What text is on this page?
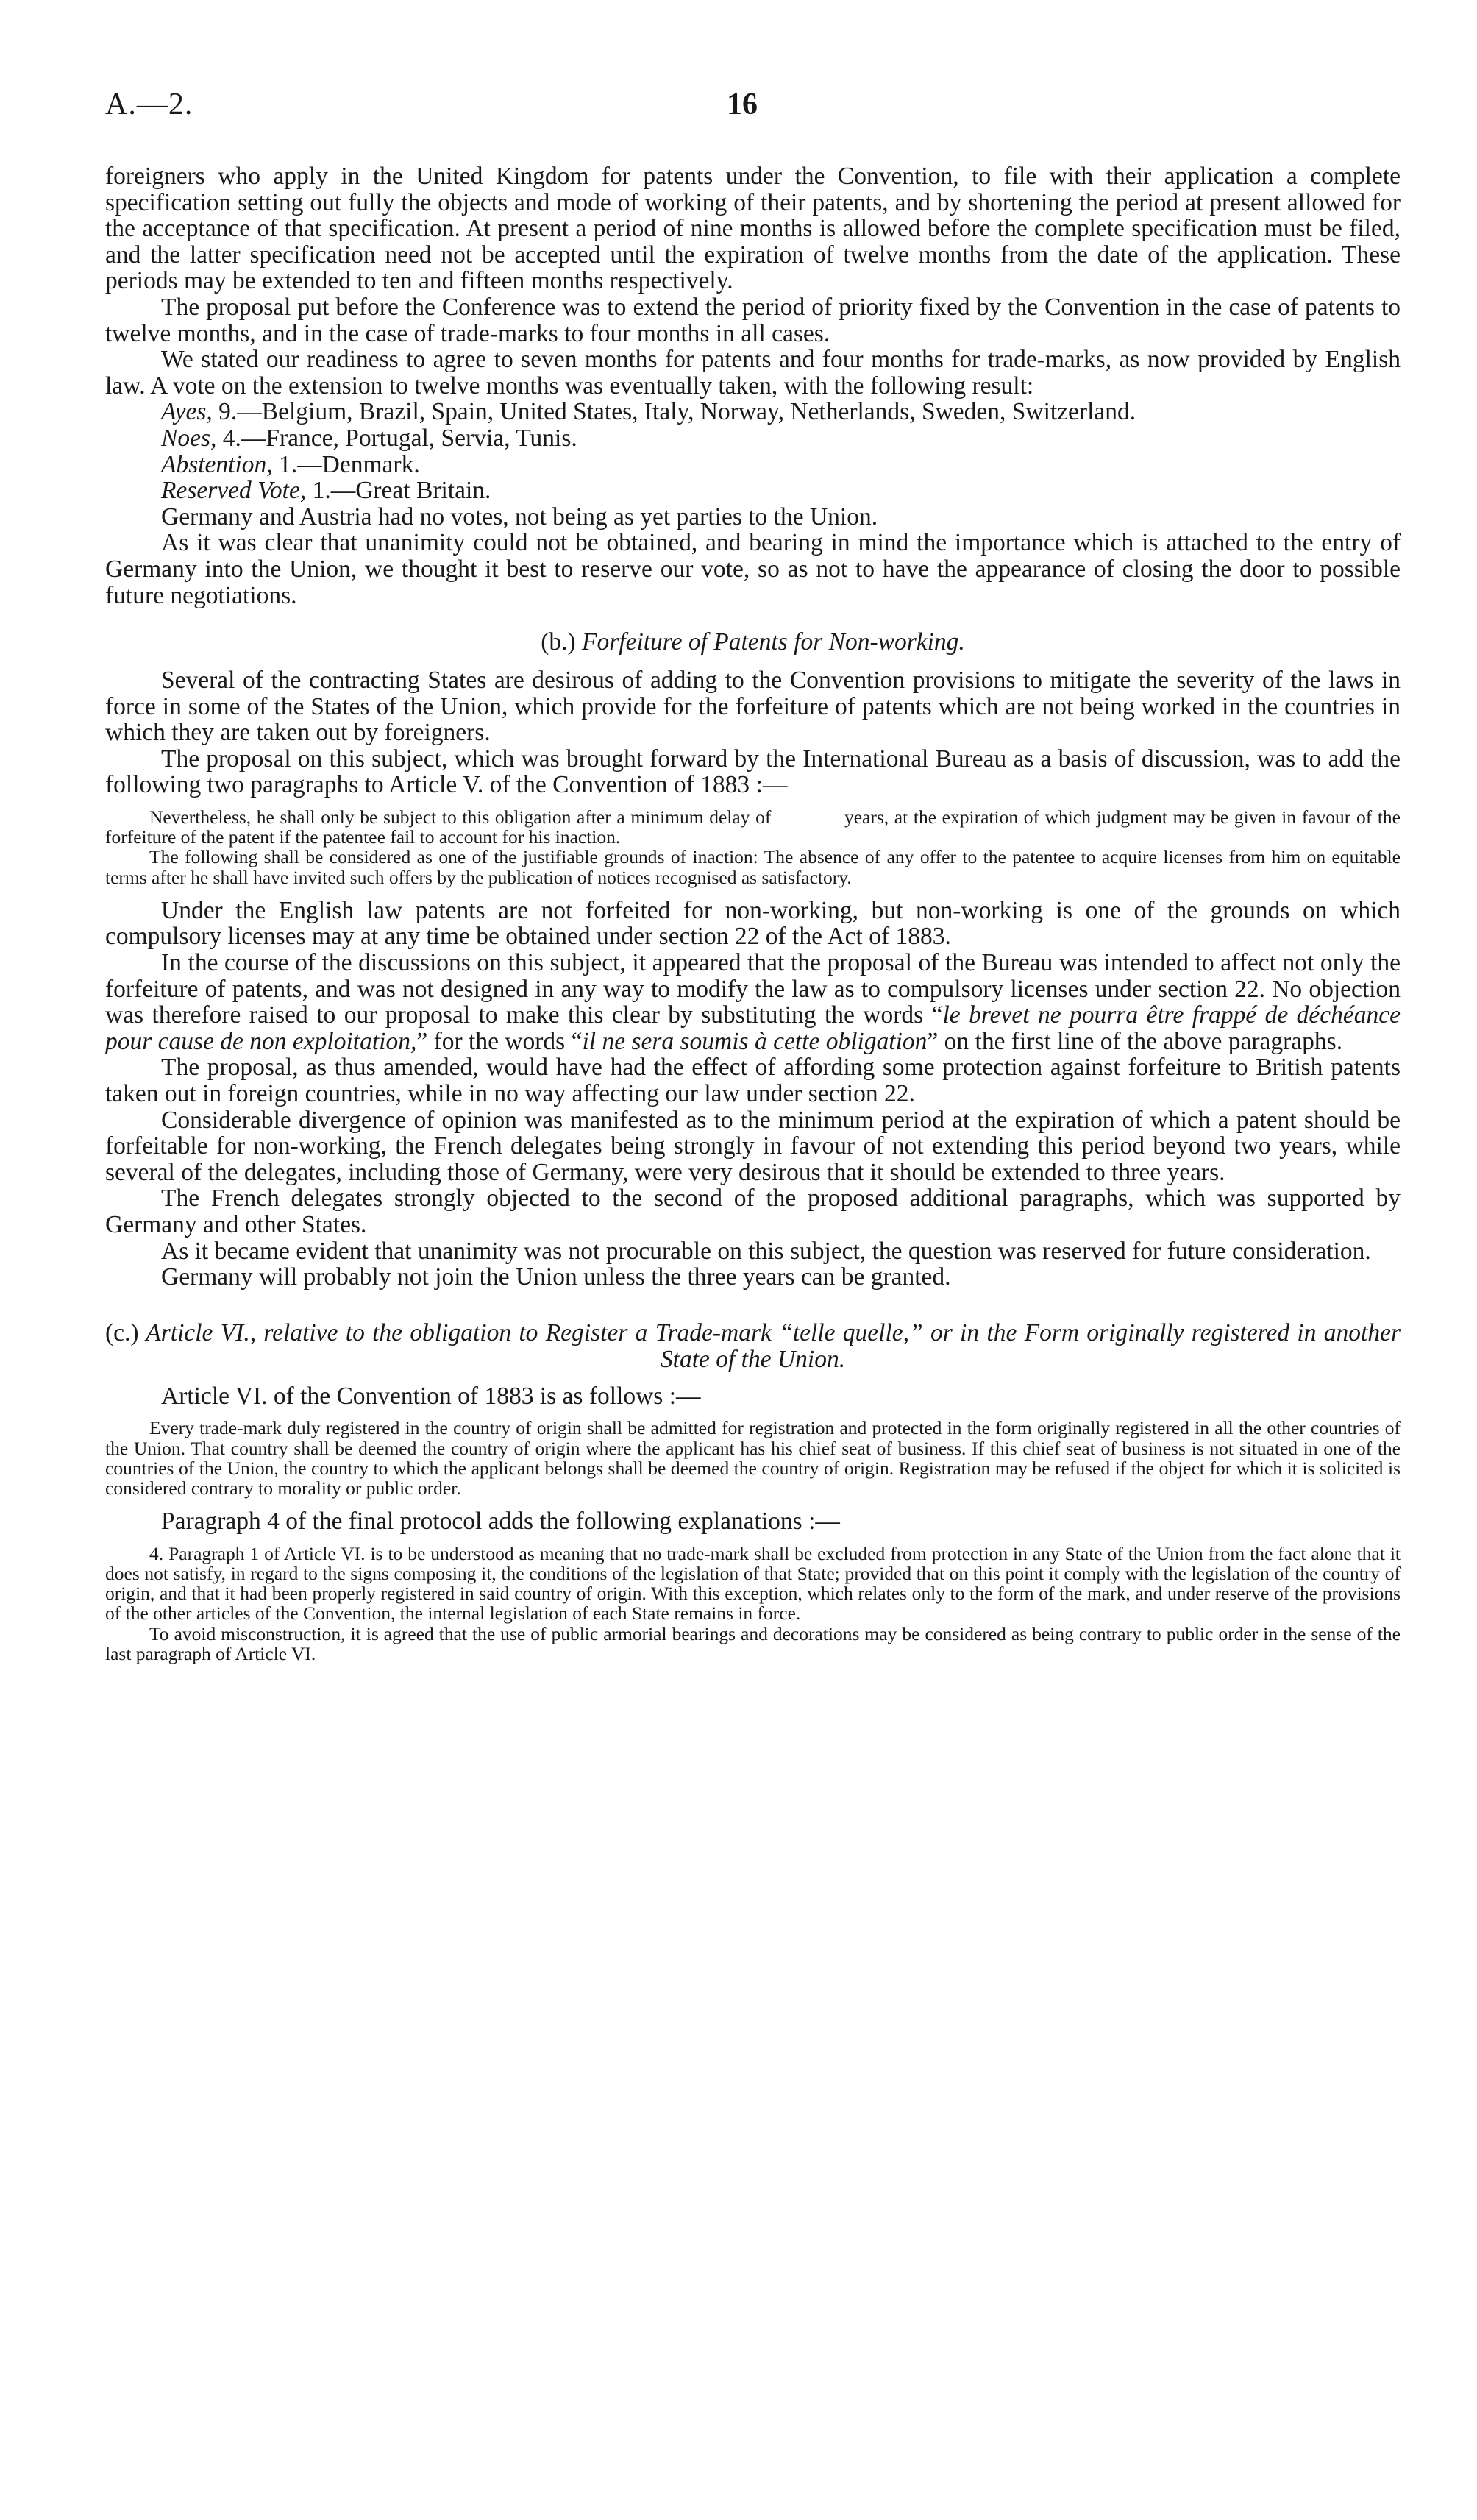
A.—2.	16

foreigners who apply in the United Kingdom for patents under the Convention, to file with their application a complete specification setting out fully the objects and mode of working of their patents, and by shortening the period at present allowed for the acceptance of that specification. At present a period of nine months is allowed before the complete specification must be filed, and the latter specification need not be accepted until the expiration of twelve months from the date of the application. These periods may be extended to ten and fifteen months respectively.

The proposal put before the Conference was to extend the period of priority fixed by the Convention in the case of patents to twelve months, and in the case of trade-marks to four months in all cases.

We stated our readiness to agree to seven months for patents and four months for trade-marks, as now provided by English law. A vote on the extension to twelve months was eventually taken, with the following result:

Ayes, 9.—Belgium, Brazil, Spain, United States, Italy, Norway, Netherlands, Sweden, Switzerland.

Noes, 4.—France, Portugal, Servia, Tunis.

Abstention, 1.—Denmark.

Reserved Vote, 1.—Great Britain.

Germany and Austria had no votes, not being as yet parties to the Union.

As it was clear that unanimity could not be obtained, and bearing in mind the importance which is attached to the entry of Germany into the Union, we thought it best to reserve our vote, so as not to have the appearance of closing the door to possible future negotiations.

(b.) Forfeiture of Patents for Non-working.

Several of the contracting States are desirous of adding to the Convention provisions to mitigate the severity of the laws in force in some of the States of the Union, which provide for the forfeiture of patents which are not being worked in the countries in which they are taken out by foreigners.

The proposal on this subject, which was brought forward by the International Bureau as a basis of discussion, was to add the following two paragraphs to Article V. of the Convention of 1883 :—

Nevertheless, he shall only be subject to this obligation after a minimum delay of             years, at the expiration of which judgment may be given in favour of the forfeiture of the patent if the patentee fail to account for his inaction.

The following shall be considered as one of the justifiable grounds of inaction: The absence of any offer to the patentee to acquire licenses from him on equitable terms after he shall have invited such offers by the publication of notices recognised as satisfactory.

Under the English law patents are not forfeited for non-working, but non-working is one of the grounds on which compulsory licenses may at any time be obtained under section 22 of the Act of 1883.

In the course of the discussions on this subject, it appeared that the proposal of the Bureau was intended to affect not only the forfeiture of patents, and was not designed in any way to modify the law as to compulsory licenses under section 22. No objection was therefore raised to our proposal to make this clear by substituting the words “le brevet ne pourra être frappé de déchéance pour cause de non exploitation,” for the words “il ne sera soumis à cette obligation” on the first line of the above paragraphs.

The proposal, as thus amended, would have had the effect of affording some protection against forfeiture to British patents taken out in foreign countries, while in no way affecting our law under section 22.

Considerable divergence of opinion was manifested as to the minimum period at the expiration of which a patent should be forfeitable for non-working, the French delegates being strongly in favour of not extending this period beyond two years, while several of the delegates, including those of Germany, were very desirous that it should be extended to three years.

The French delegates strongly objected to the second of the proposed additional paragraphs, which was supported by Germany and other States.

As it became evident that unanimity was not procurable on this subject, the question was reserved for future consideration.

Germany will probably not join the Union unless the three years can be granted.

(c.) Article VI., relative to the obligation to Register a Trade-mark “telle quelle,” or in the Form originally registered in another State of the Union.

Article VI. of the Convention of 1883 is as follows :—

Every trade-mark duly registered in the country of origin shall be admitted for registration and protected in the form originally registered in all the other countries of the Union. That country shall be deemed the country of origin where the applicant has his chief seat of business. If this chief seat of business is not situated in one of the countries of the Union, the country to which the applicant belongs shall be deemed the country of origin. Registration may be refused if the object for which it is solicited is considered contrary to morality or public order.

Paragraph 4 of the final protocol adds the following explanations :—

4. Paragraph 1 of Article VI. is to be understood as meaning that no trade-mark shall be excluded from protection in any State of the Union from the fact alone that it does not satisfy, in regard to the signs composing it, the conditions of the legislation of that State; provided that on this point it comply with the legislation of the country of origin, and that it had been properly registered in said country of origin. With this exception, which relates only to the form of the mark, and under reserve of the provisions of the other articles of the Convention, the internal legislation of each State remains in force.

To avoid misconstruction, it is agreed that the use of public armorial bearings and decorations may be considered as being contrary to public order in the sense of the last paragraph of Article VI.
